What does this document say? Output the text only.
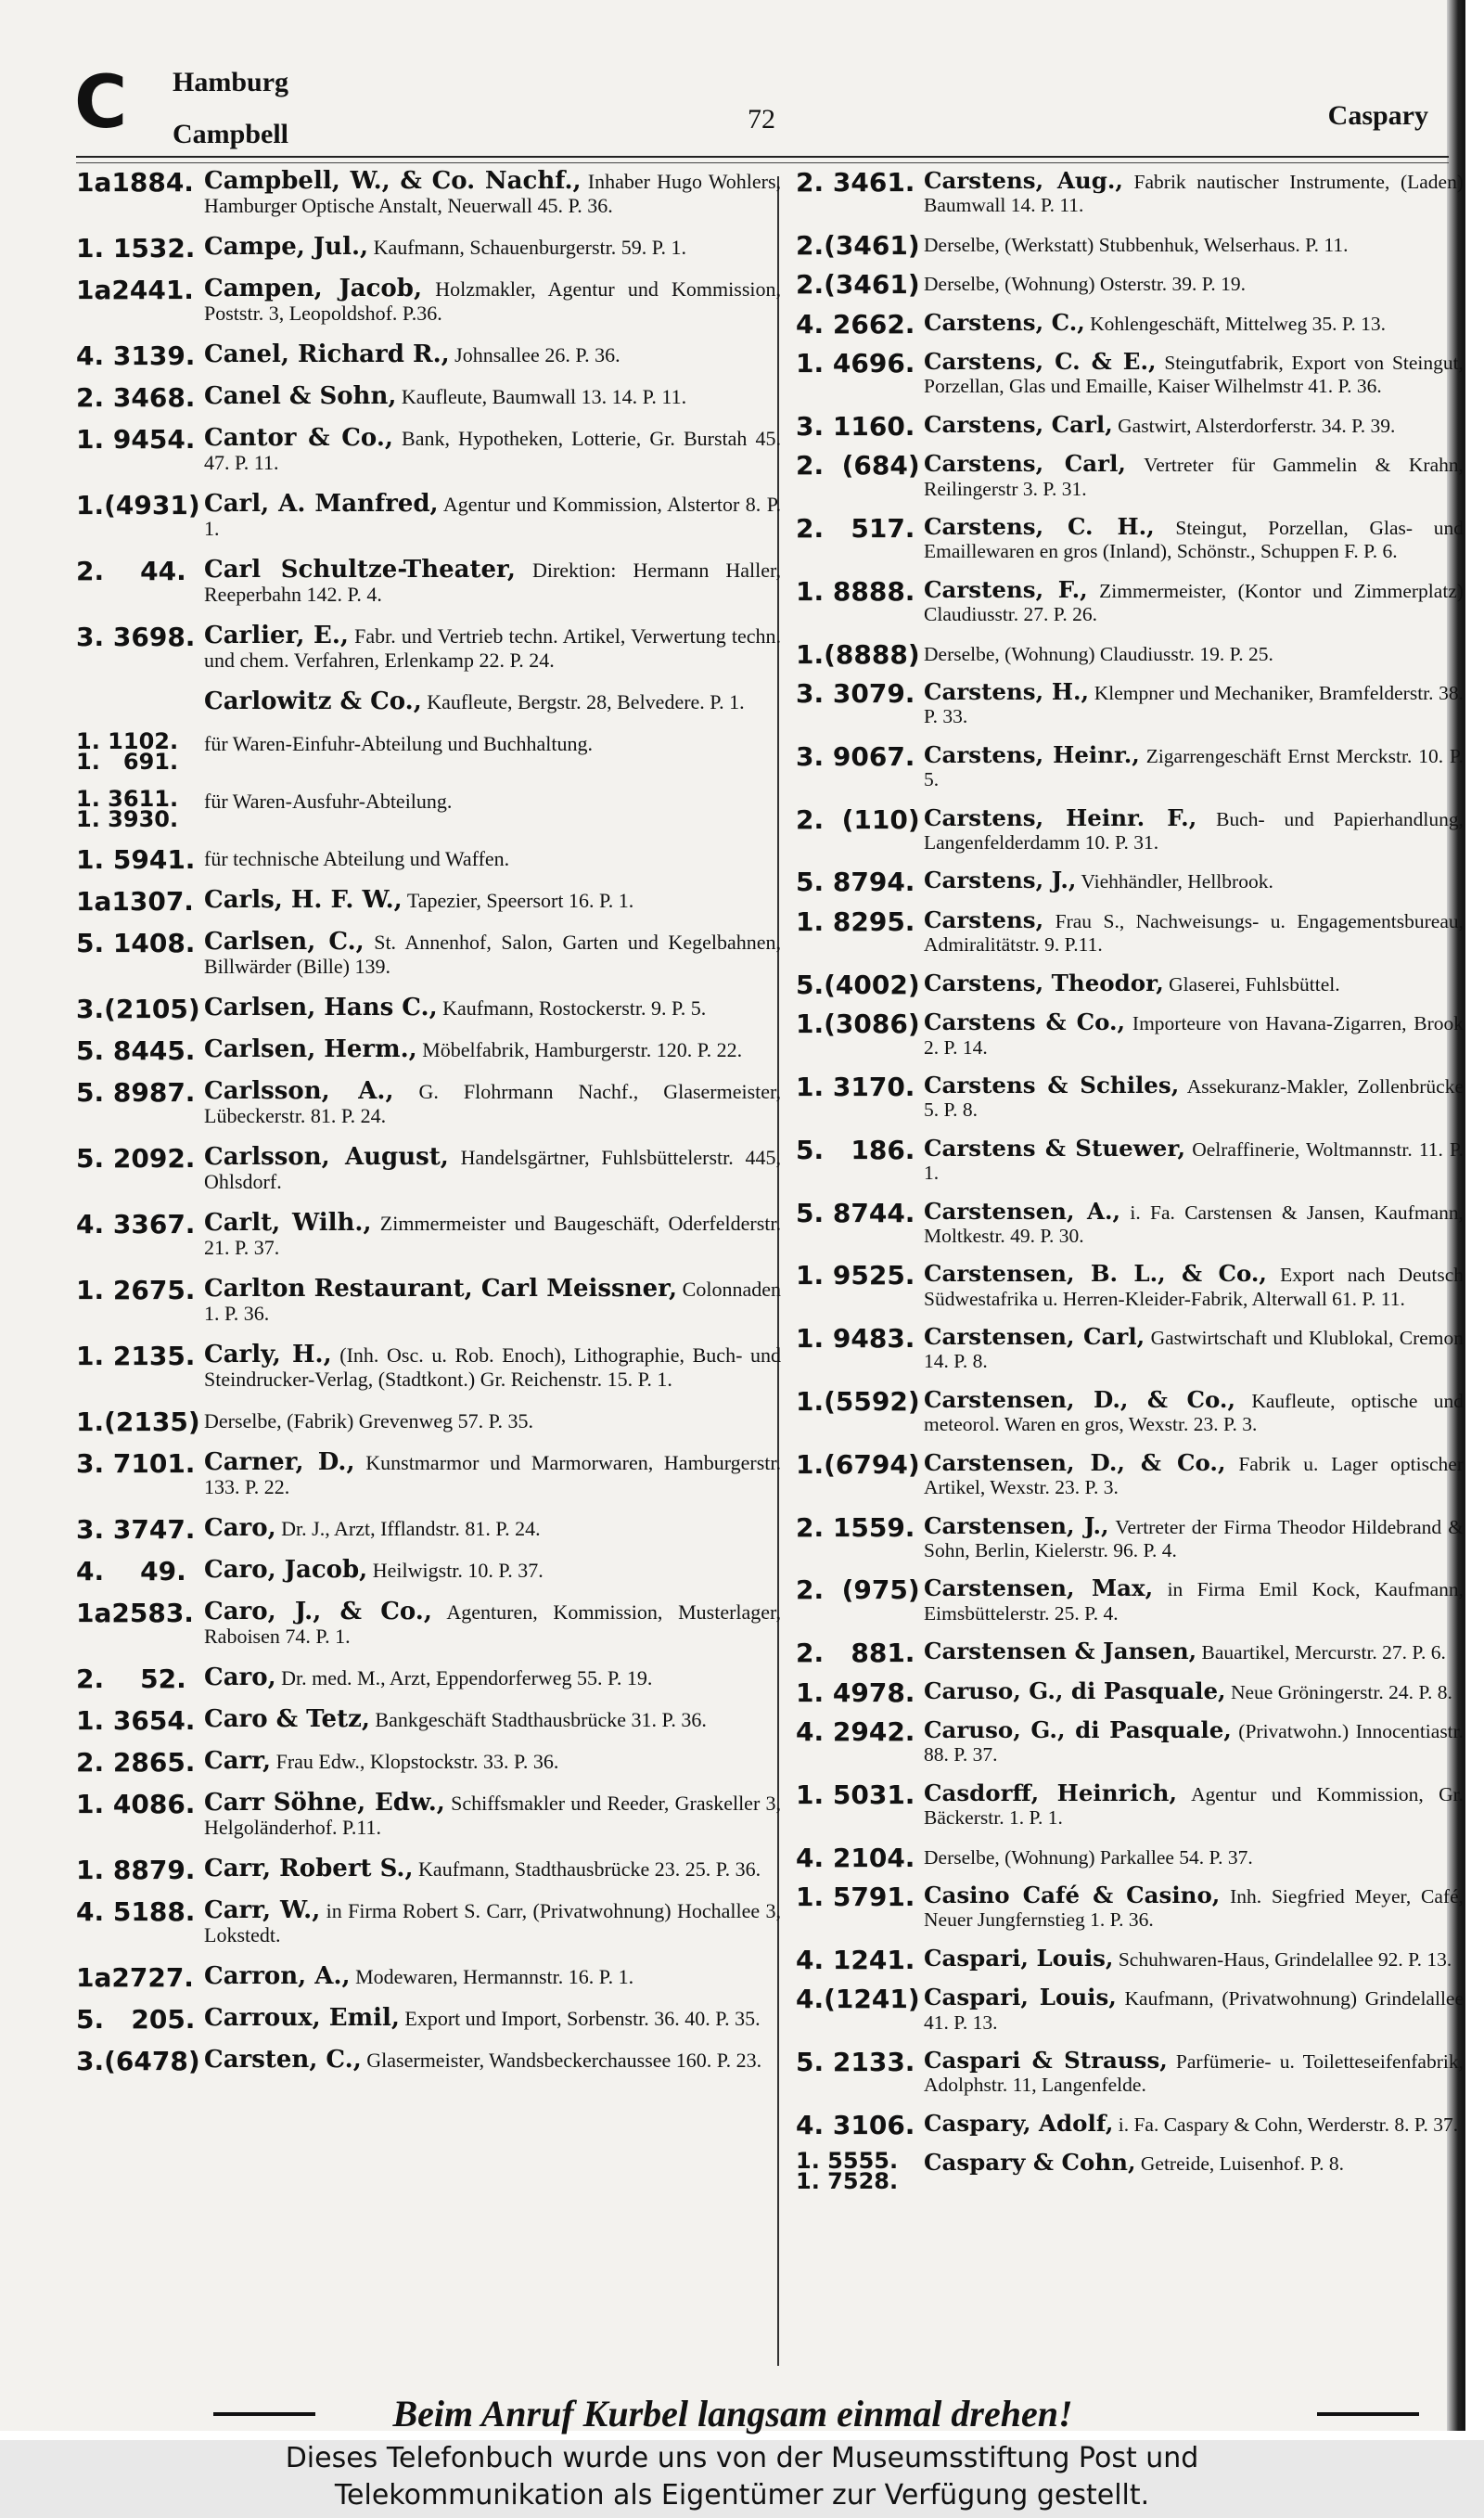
C Hamburg
Campbell	72	Caspary
1a1884. Campbell, W., & Co. Nachf., Inhaber Hugo Wohlers, Hamburger Optische Anstalt, Neuerwall 45. P. 36.
1. 1532. Campe, Jul., Kaufmann, Schauenburgerstr. 59. P. 1.
1a2441. Campen, Jacob, Holzmakler, Agentur und Kommission, Poststr. 3, Leopoldshof. P.36.
4. 3139. Canel, Richard R., Johnsallee 26. P. 36.
2. 3468. Canel & Sohn, Kaufleute, Baumwall 13. 14. P. 11.
1. 9454. Cantor & Co., Bank, Hypotheken, Lotterie, Gr. Burstah 45. 47. P. 11.
1.(4931) Carl, A. Manfred, Agentur und Kommission, Alstertor 8. P. 1.
2.    44. Carl Schultze-Theater, Direktion: Hermann Haller, Reeperbahn 142. P. 4.
3. 3698. Carlier, E., Fabr. und Vertrieb techn. Artikel, Verwertung techn. und chem. Verfahren, Erlenkamp 22. P. 24.
Carlowitz & Co., Kaufleute, Bergstr. 28, Belvedere. P. 1.
1. 1102.
1.   691.
für Waren-Einfuhr-Abteilung und Buchhaltung.
1. 3611.
1. 3930.
für Waren-Ausfuhr-Abteilung.
1. 5941. für technische Abteilung und Waffen.
1a1307. Carls, H. F. W., Tapezier, Speersort 16. P. 1.
5. 1408. Carlsen, C., St. Annenhof, Salon, Garten und Kegelbahnen, Billwärder (Bille) 139.
3.(2105) Carlsen, Hans C., Kaufmann, Rostockerstr. 9. P. 5.
5. 8445. Carlsen, Herm., Möbelfabrik, Hamburgerstr. 120. P. 22.
5. 8987. Carlsson, A., G. Flohrmann Nachf., Glasermeister, Lübeckerstr. 81. P. 24.
5. 2092. Carlsson, August, Handelsgärtner, Fuhlsbüttelerstr. 445, Ohlsdorf.
4. 3367. Carlt, Wilh., Zimmermeister und Baugeschäft, Oderfelderstr. 21. P. 37.
1. 2675. Carlton Restaurant, Carl Meissner, Colonnaden 1. P. 36.
1. 2135. Carly, H., (Inh. Osc. u. Rob. Enoch), Lithographie, Buch- und Steindrucker-Verlag, (Stadtkont.) Gr. Reichenstr. 15. P. 1.
1.(2135) Derselbe, (Fabrik) Grevenweg 57. P. 35.
3. 7101. Carner, D., Kunstmarmor und Marmorwaren, Hamburgerstr. 133. P. 22.
3. 3747. Caro, Dr. J., Arzt, Ifflandstr. 81. P. 24.
4.    49. Caro, Jacob, Heilwigstr. 10. P. 37.
1a2583. Caro, J., & Co., Agenturen, Kommission, Musterlager, Raboisen 74. P. 1.
2.    52. Caro, Dr. med. M., Arzt, Eppendorferweg 55. P. 19.
1. 3654. Caro & Tetz, Bankgeschäft Stadthausbrücke 31. P. 36.
2. 2865. Carr, Frau Edw., Klopstockstr. 33. P. 36.
1. 4086. Carr Söhne, Edw., Schiffsmakler und Reeder, Graskeller 3, Helgoländerhof. P.11.
1. 8879. Carr, Robert S., Kaufmann, Stadthausbrücke 23. 25. P. 36.
4. 5188. Carr, W., in Firma Robert S. Carr, (Privatwohnung) Hochallee 3, Lokstedt.
1a2727. Carron, A., Modewaren, Hermannstr. 16. P. 1.
5.   205. Carroux, Emil, Export und Import, Sorbenstr. 36. 40. P. 35.
3.(6478) Carsten, C., Glasermeister, Wandsbeckerchaussee 160. P. 23.
2. 3461. Carstens, Aug., Fabrik nautischer Instrumente, (Laden) Baumwall 14. P. 11.
2.(3461) Derselbe, (Werkstatt) Stubbenhuk, Welserhaus. P. 11.
2.(3461) Derselbe, (Wohnung) Osterstr. 39. P. 19.
4. 2662. Carstens, C., Kohlengeschäft, Mittelweg 35. P. 13.
1. 4696. Carstens, C. & E., Steingutfabrik, Export von Steingut, Porzellan, Glas und Emaille, Kaiser Wilhelmstr 41. P. 36.
3. 1160. Carstens, Carl, Gastwirt, Alsterdorferstr. 34. P. 39.
2.  (684) Carstens, Carl, Vertreter für Gammelin & Krahn, Reilingerstr 3. P. 31.
2.   517. Carstens, C. H., Steingut, Porzellan, Glas- und Emaillewaren en gros (Inland), Schönstr., Schuppen F. P. 6.
1. 8888. Carstens, F., Zimmermeister, (Kontor und Zimmerplatz) Claudiusstr. 27. P. 26.
1.(8888) Derselbe, (Wohnung) Claudiusstr. 19. P. 25.
3. 3079. Carstens, H., Klempner und Mechaniker, Bramfelderstr. 38. P. 33.
3. 9067. Carstens, Heinr., Zigarrengeschäft Ernst Merckstr. 10. P. 5.
2.  (110) Carstens, Heinr. F., Buch- und Papierhandlung, Langenfelderdamm 10. P. 31.
5. 8794. Carstens, J., Viehhändler, Hellbrook.
1. 8295. Carstens, Frau S., Nachweisungs- u. Engagementsbureau, Admiralitätstr. 9. P.11.
5.(4002) Carstens, Theodor, Glaserei, Fuhlsbüttel.
1.(3086) Carstens & Co., Importeure von Havana-Zigarren, Brook 2. P. 14.
1. 3170. Carstens & Schiles, Assekuranz-Makler, Zollenbrücke 5. P. 8.
5.   186. Carstens & Stuewer, Oelraffinerie, Woltmannstr. 11. P. 1.
5. 8744. Carstensen, A., i. Fa. Carstensen & Jansen, Kaufmann, Moltkestr. 49. P. 30.
1. 9525. Carstensen, B. L., & Co., Export nach Deutsch Südwestafrika u. Herren-Kleider-Fabrik, Alterwall 61. P. 11.
1. 9483. Carstensen, Carl, Gastwirtschaft und Klublokal, Cremon 14. P. 8.
1.(5592) Carstensen, D., & Co., Kaufleute, optische und meteorol. Waren en gros, Wexstr. 23. P. 3.
1.(6794) Carstensen, D., & Co., Fabrik u. Lager optischer Artikel, Wexstr. 23. P. 3.
2. 1559. Carstensen, J., Vertreter der Firma Theodor Hildebrand & Sohn, Berlin, Kielerstr. 96. P. 4.
2.  (975) Carstensen, Max, in Firma Emil Kock, Kaufmann, Eimsbüttelerstr. 25. P. 4.
2.   881. Carstensen & Jansen, Bauartikel, Mercurstr. 27. P. 6.
1. 4978. Caruso, G., di Pasquale, Neue Gröningerstr. 24. P. 8.
4. 2942. Caruso, G., di Pasquale, (Privatwohn.) Innocentiastr. 88. P. 37.
1. 5031. Casdorff, Heinrich, Agentur und Kommission, Gr. Bäckerstr. 1. P. 1.
4. 2104. Derselbe, (Wohnung) Parkallee 54. P. 37.
1. 5791. Casino Café & Casino, Inh. Siegfried Meyer, Café, Neuer Jungfernstieg 1. P. 36.
4. 1241. Caspari, Louis, Schuhwaren-Haus, Grindelallee 92. P. 13.
4.(1241) Caspari, Louis, Kaufmann, (Privatwohnung) Grindelallee 41. P. 13.
5. 2133. Caspari & Strauss, Parfümerie- u. Toiletteseifenfabrik, Adolphstr. 11, Langenfelde.
4. 3106. Caspary, Adolf, i. Fa. Caspary & Cohn, Werderstr. 8. P. 37.
1. 5555.
1. 7528.
Caspary & Cohn, Getreide, Luisenhof. P. 8.
Beim Anruf Kurbel langsam einmal drehen!
Dieses Telefonbuch wurde uns von der Museumsstiftung Post und
Telekommunikation als Eigentümer zur Verfügung gestellt.
